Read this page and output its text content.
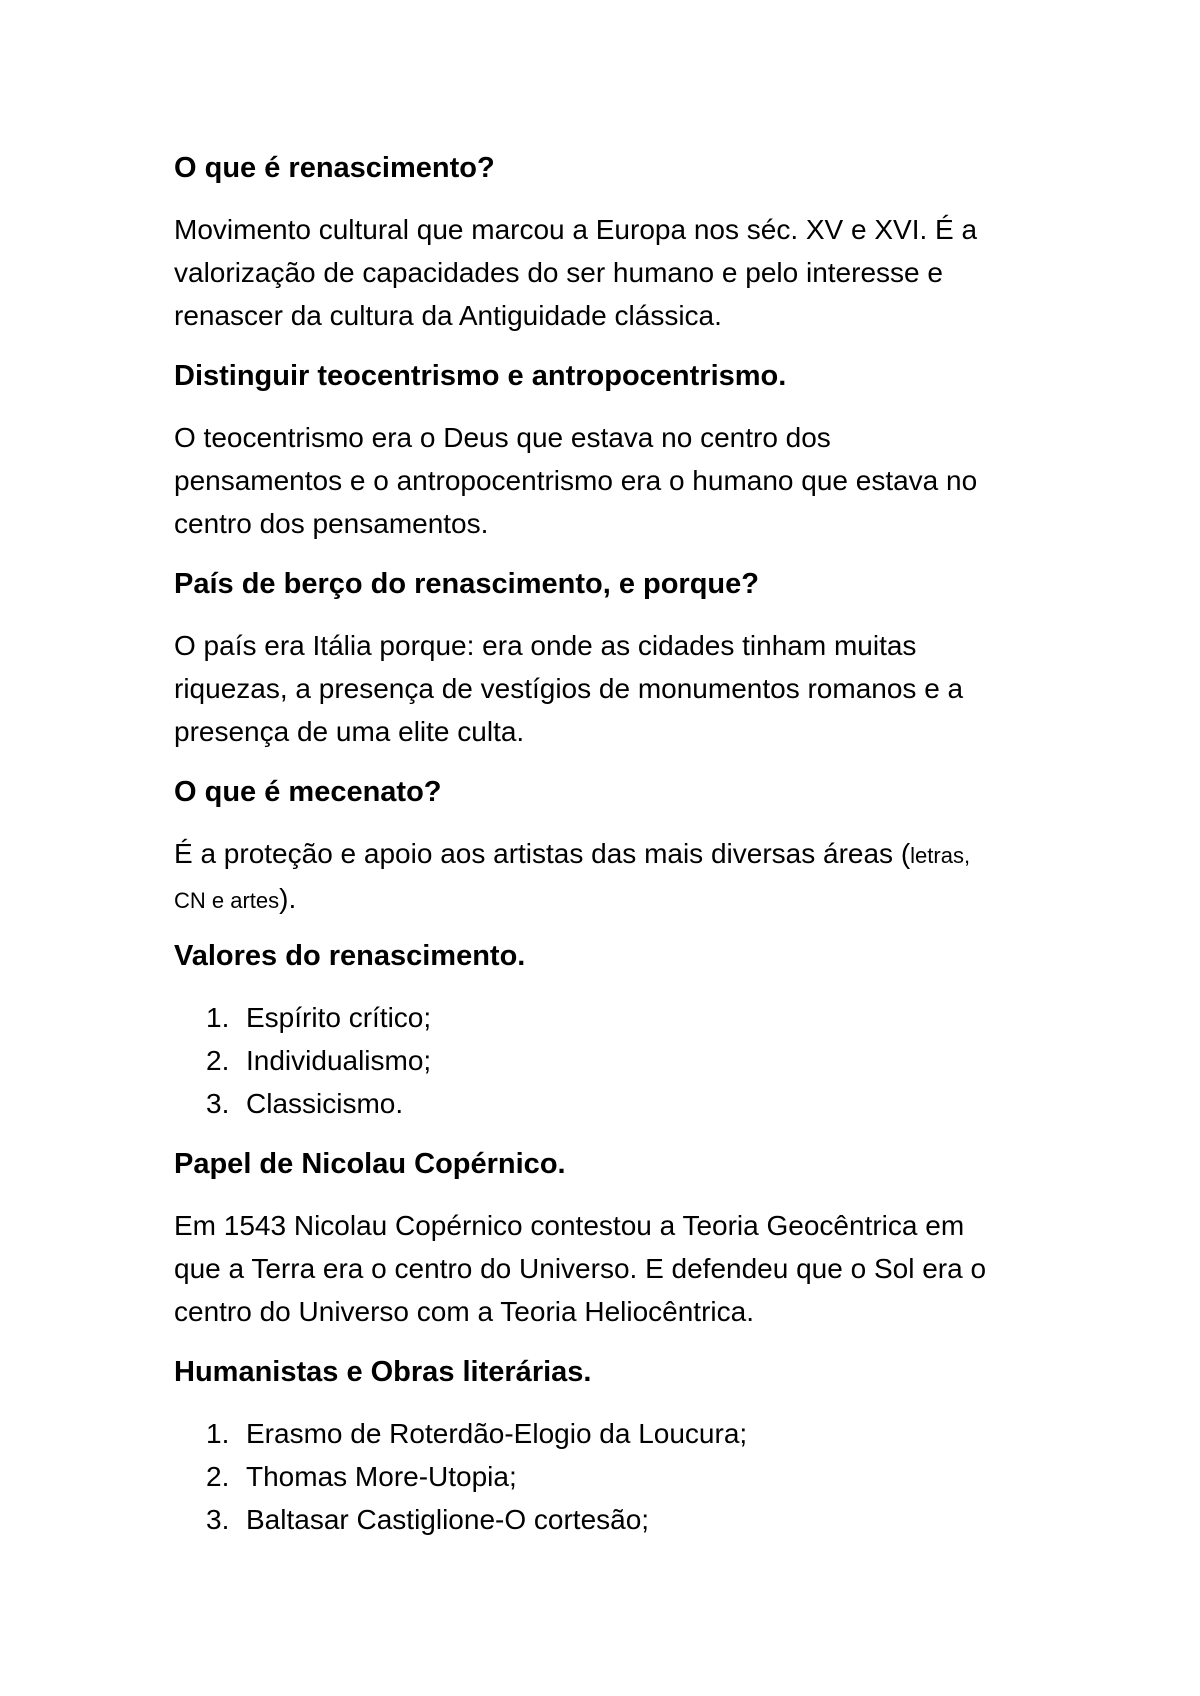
O que é renascimento?
Movimento cultural que marcou a Europa nos séc. XV e XVI. É a
valorização de capacidades do ser humano e pelo interesse e
renascer da cultura da Antiguidade clássica.
Distinguir teocentrismo e antropocentrismo.
O teocentrismo era o Deus que estava no centro dos
pensamentos e o antropocentrismo era o humano que estava no
centro dos pensamentos.
País de berço do renascimento, e porque?
O país era Itália porque: era onde as cidades tinham muitas
riquezas, a presença de vestígios de monumentos romanos e a
presença de uma elite culta.
O que é mecenato?
É a proteção e apoio aos artistas das mais diversas áreas (letras,
CN e artes).
Valores do renascimento.
1. Espírito crítico;
2. Individualismo;
3. Classicismo.
Papel de Nicolau Copérnico.
Em 1543 Nicolau Copérnico contestou a Teoria Geocêntrica em
que a Terra era o centro do Universo. E defendeu que o Sol era o
centro do Universo com a Teoria Heliocêntrica.
Humanistas e Obras literárias.
1. Erasmo de Roterdão-Elogio da Loucura;
2. Thomas More-Utopia;
3. Baltasar Castiglione-O cortesão;
